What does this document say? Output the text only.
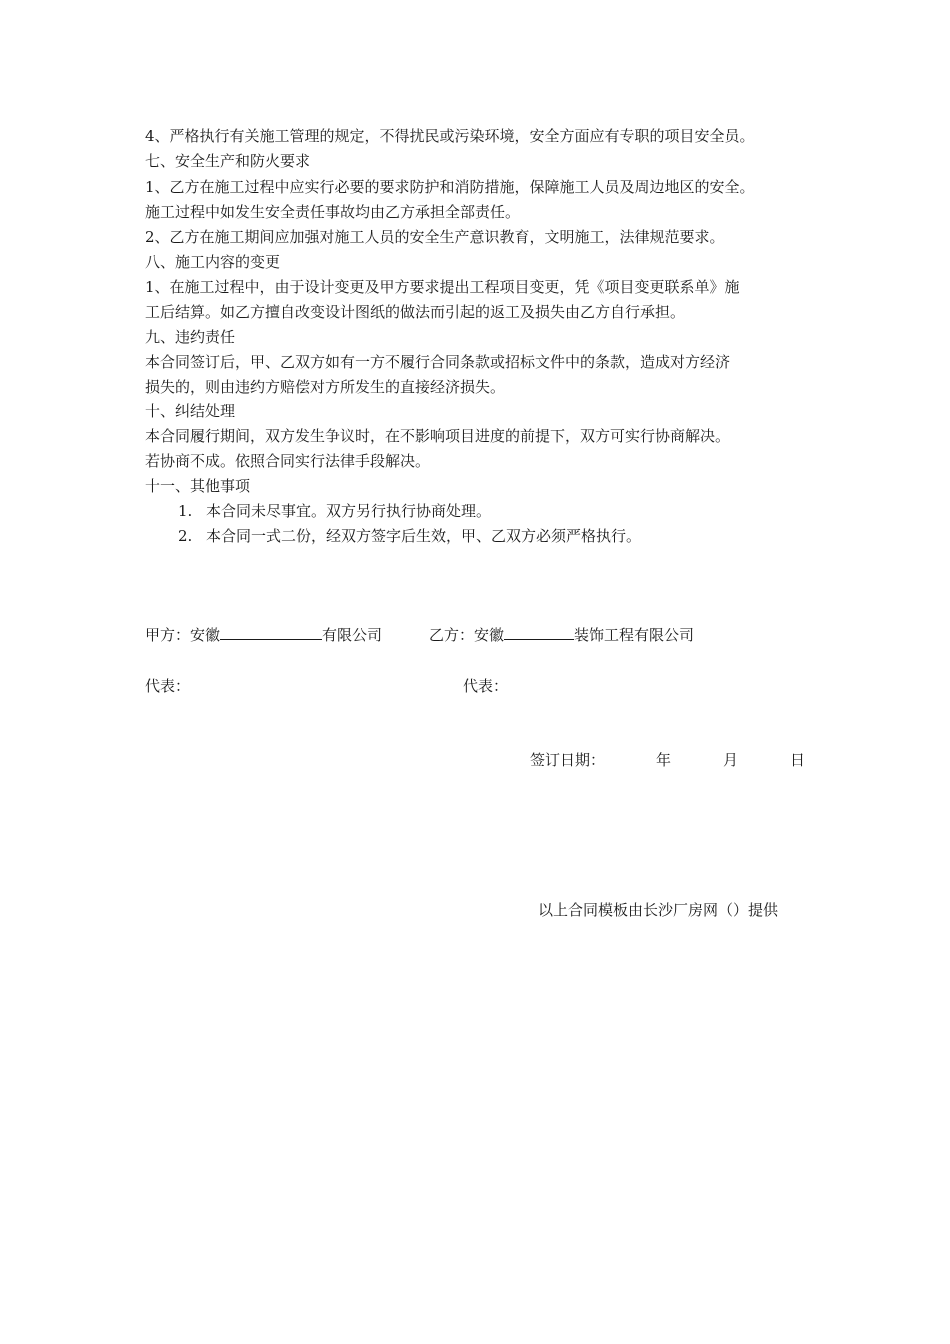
4、严格执行有关施工管理的规定，不得扰民或污染环境，安全方面应有专职的项目安全员。
七、安全生产和防火要求
1、乙方在施工过程中应实行必要的要求防护和消防措施，保障施工人员及周边地区的安全。
施工过程中如发生安全责任事故均由乙方承担全部责任。
2、乙方在施工期间应加强对施工人员的安全生产意识教育，文明施工，法律规范要求。
八、施工内容的变更
1、在施工过程中，由于设计变更及甲方要求提出工程项目变更，凭《项目变更联系单》施
工后结算。如乙方擅自改变设计图纸的做法而引起的返工及损失由乙方自行承担。
九、违约责任
本合同签订后，甲、乙双方如有一方不履行合同条款或招标文件中的条款，造成对方经济
损失的，则由违约方赔偿对方所发生的直接经济损失。
十、纠结处理
本合同履行期间，双方发生争议时，在不影响项目进度的前提下，双方可实行协商解决。
若协商不成。依照合同实行法律手段解决。
十一、其他事项
1. 本合同未尽事宜。双方另行执行协商处理。
2. 本合同一式二份，经双方签字后生效，甲、乙双方必须严格执行。
甲方：安徽	有限公司	乙方：安徽	装饰工程有限公司
代表：	代表：
签订日期：	年	月	日
以上合同模板由长沙厂房网（）提供
